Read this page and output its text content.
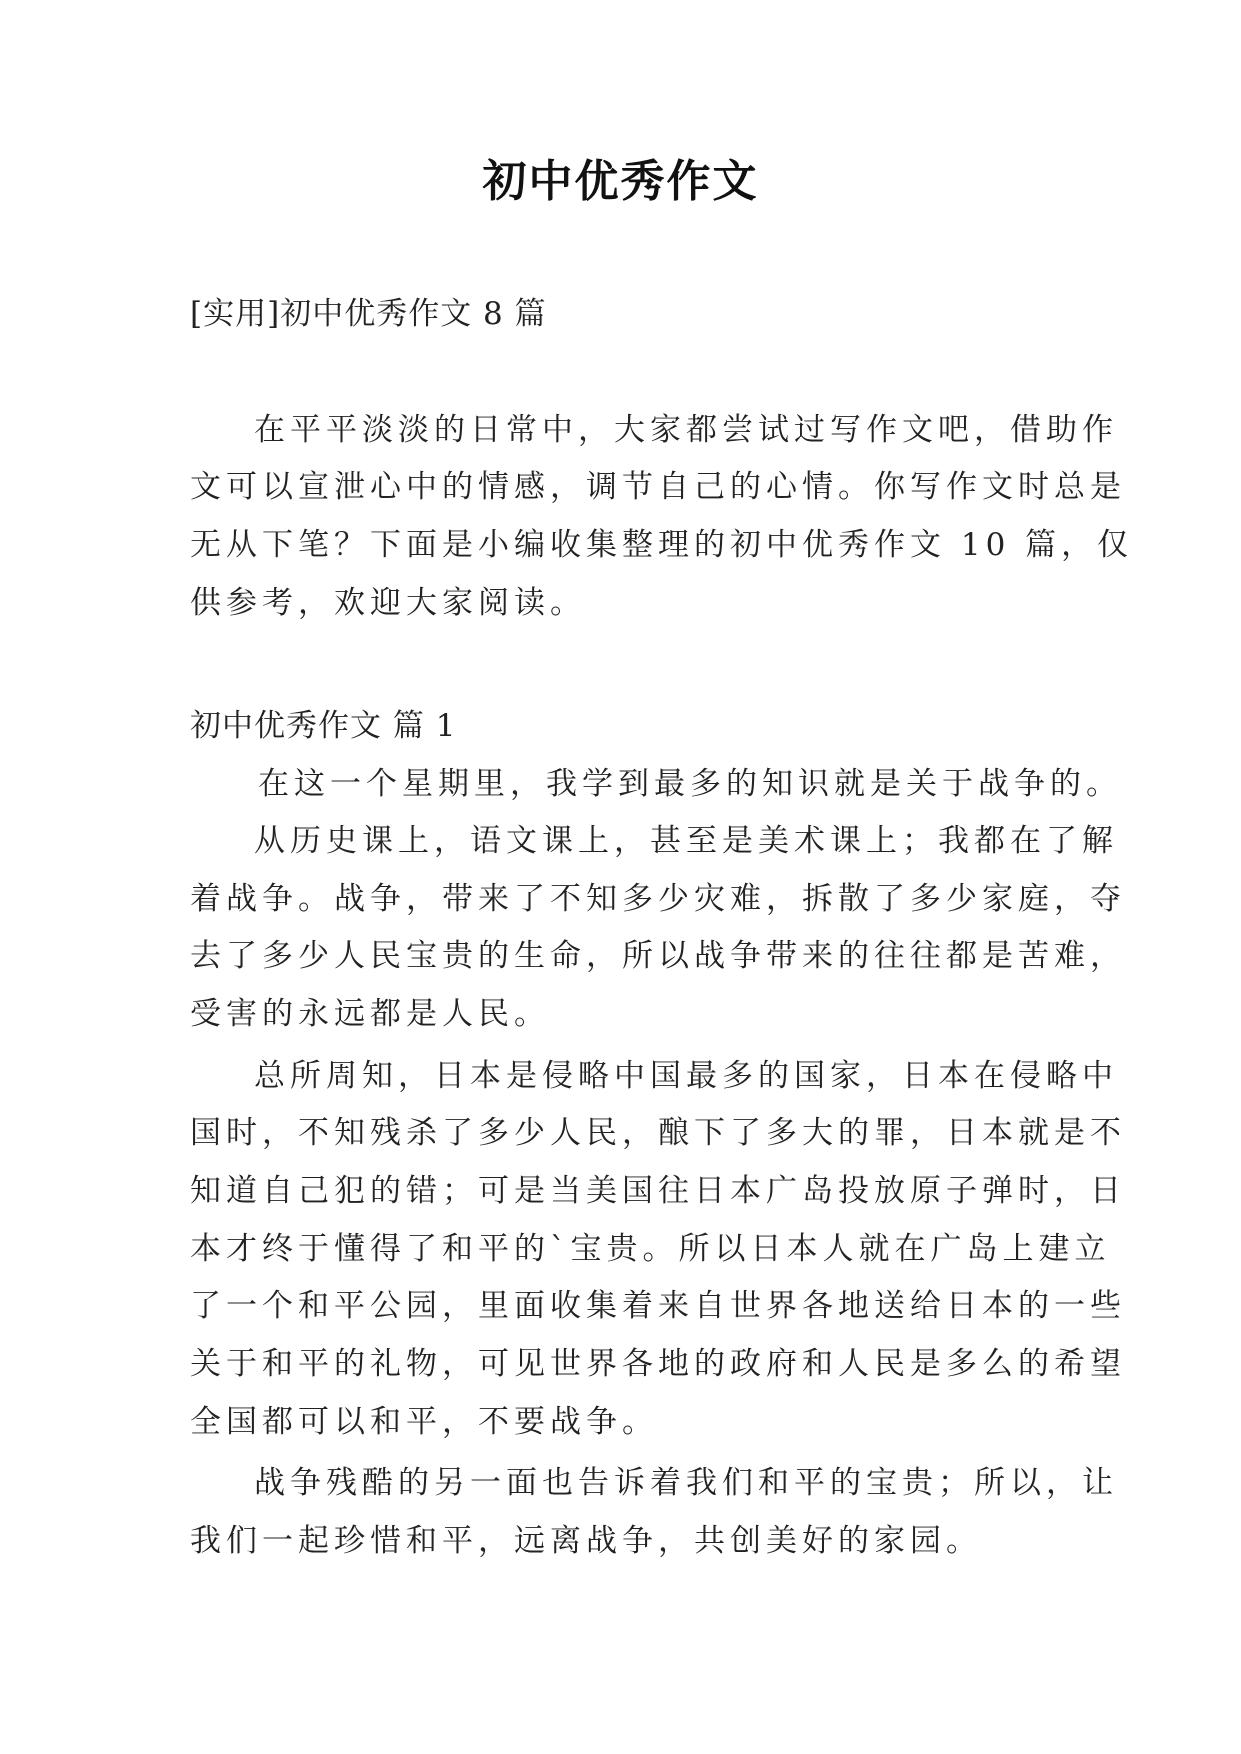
初中优秀作文
[实用]初中优秀作文 8 篇
在平平淡淡的日常中，大家都尝试过写作文吧，借助作
文可以宣泄心中的情感，调节自己的心情。你写作文时总是
无从下笔？下面是小编收集整理的初中优秀作文 10 篇，仅
供参考，欢迎大家阅读。
初中优秀作文 篇 1
在这一个星期里，我学到最多的知识就是关于战争的。
从历史课上，语文课上，甚至是美术课上；我都在了解
着战争。战争，带来了不知多少灾难，拆散了多少家庭，夺
去了多少人民宝贵的生命，所以战争带来的往往都是苦难，
受害的永远都是人民。
总所周知，日本是侵略中国最多的国家，日本在侵略中
国时，不知残杀了多少人民，酿下了多大的罪，日本就是不
知道自己犯的错；可是当美国往日本广岛投放原子弹时，日
本才终于懂得了和平的`宝贵。所以日本人就在广岛上建立
了一个和平公园，里面收集着来自世界各地送给日本的一些
关于和平的礼物，可见世界各地的政府和人民是多么的希望
全国都可以和平，不要战争。
战争残酷的另一面也告诉着我们和平的宝贵；所以，让
我们一起珍惜和平，远离战争，共创美好的家园。
